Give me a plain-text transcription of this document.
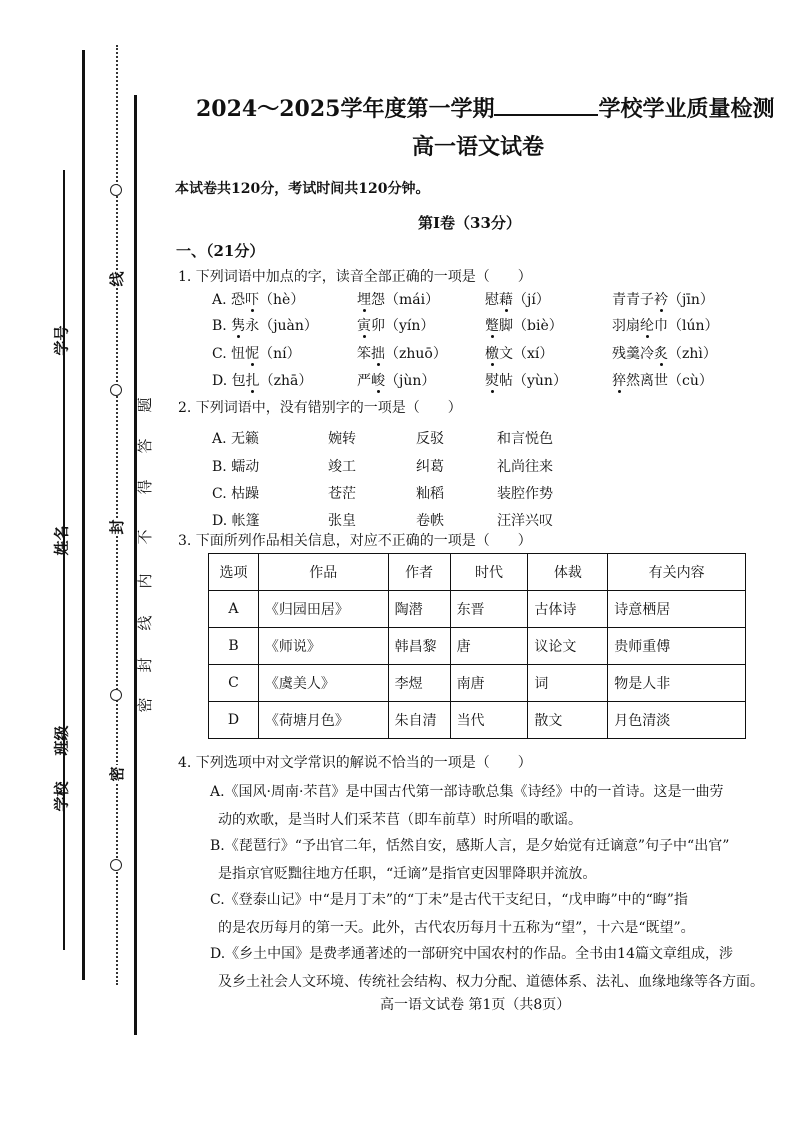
线
封
密
题
答
得
不
内
线
封
密
学号
姓名
班级
学校
2024～2025学年度第一学期	学校学业质量检测
高一语文试卷
本试卷共120分，考试时间共120分钟。
第Ⅰ卷（33分）
一、（21分）
1. 下列词语中加点的字，读音全部正确的一项是（　　）
A. 恐吓（hè）	埋怨（mái）	慰藉（jí）	青青子衿（jīn）
B. 隽永（juàn）	寅卯（yín）	蹩脚（biè）	羽扇纶巾（lún）
C. 忸怩（ní）	笨拙（zhuō）	檄文（xí）	残羹冷炙（zhì）
D. 包扎（zhā）	严峻（jùn）	熨帖（yùn）	猝然离世（cù）
2. 下列词语中，没有错别字的一项是（　　）
A. 无籁	婉转	反驳	和言悦色
B. 蠕动	竣工	纠葛	礼尚往来
C. 枯躁	苍茫	籼稻	装腔作势
D. 帐篷	张皇	卷帙	汪洋兴叹
3. 下面所列作品相关信息，对应不正确的一项是（　　）
选项	作品	作者	时代	体裁	有关内容
A	《归园田居》	陶潜	东晋	古体诗	诗意栖居
B	《师说》	韩昌黎	唐	议论文	贵师重傅
C	《虞美人》	李煜	南唐	词	物是人非
D	《荷塘月色》	朱自清	当代	散文	月色清淡
4. 下列选项中对文学常识的解说不恰当的一项是（　　）
A.《国风·周南·芣苢》是中国古代第一部诗歌总集《诗经》中的一首诗。这是一曲劳
动的欢歌，是当时人们采芣苢（即车前草）时所唱的歌谣。
B.《琵琶行》“予出官二年，恬然自安，感斯人言，是夕始觉有迁谪意”句子中“出官”
是指京官贬黜往地方任职，“迁谪”是指官吏因罪降职并流放。
C.《登泰山记》中“是月丁未”的“丁未”是古代干支纪日，“戊申晦”中的“晦”指
的是农历每月的第一天。此外，古代农历每月十五称为“望”，十六是“既望”。
D.《乡土中国》是费孝通著述的一部研究中国农村的作品。全书由14篇文章组成，涉
及乡土社会人文环境、传统社会结构、权力分配、道德体系、法礼、血缘地缘等各方面。
高一语文试卷 第1页（共8页）
